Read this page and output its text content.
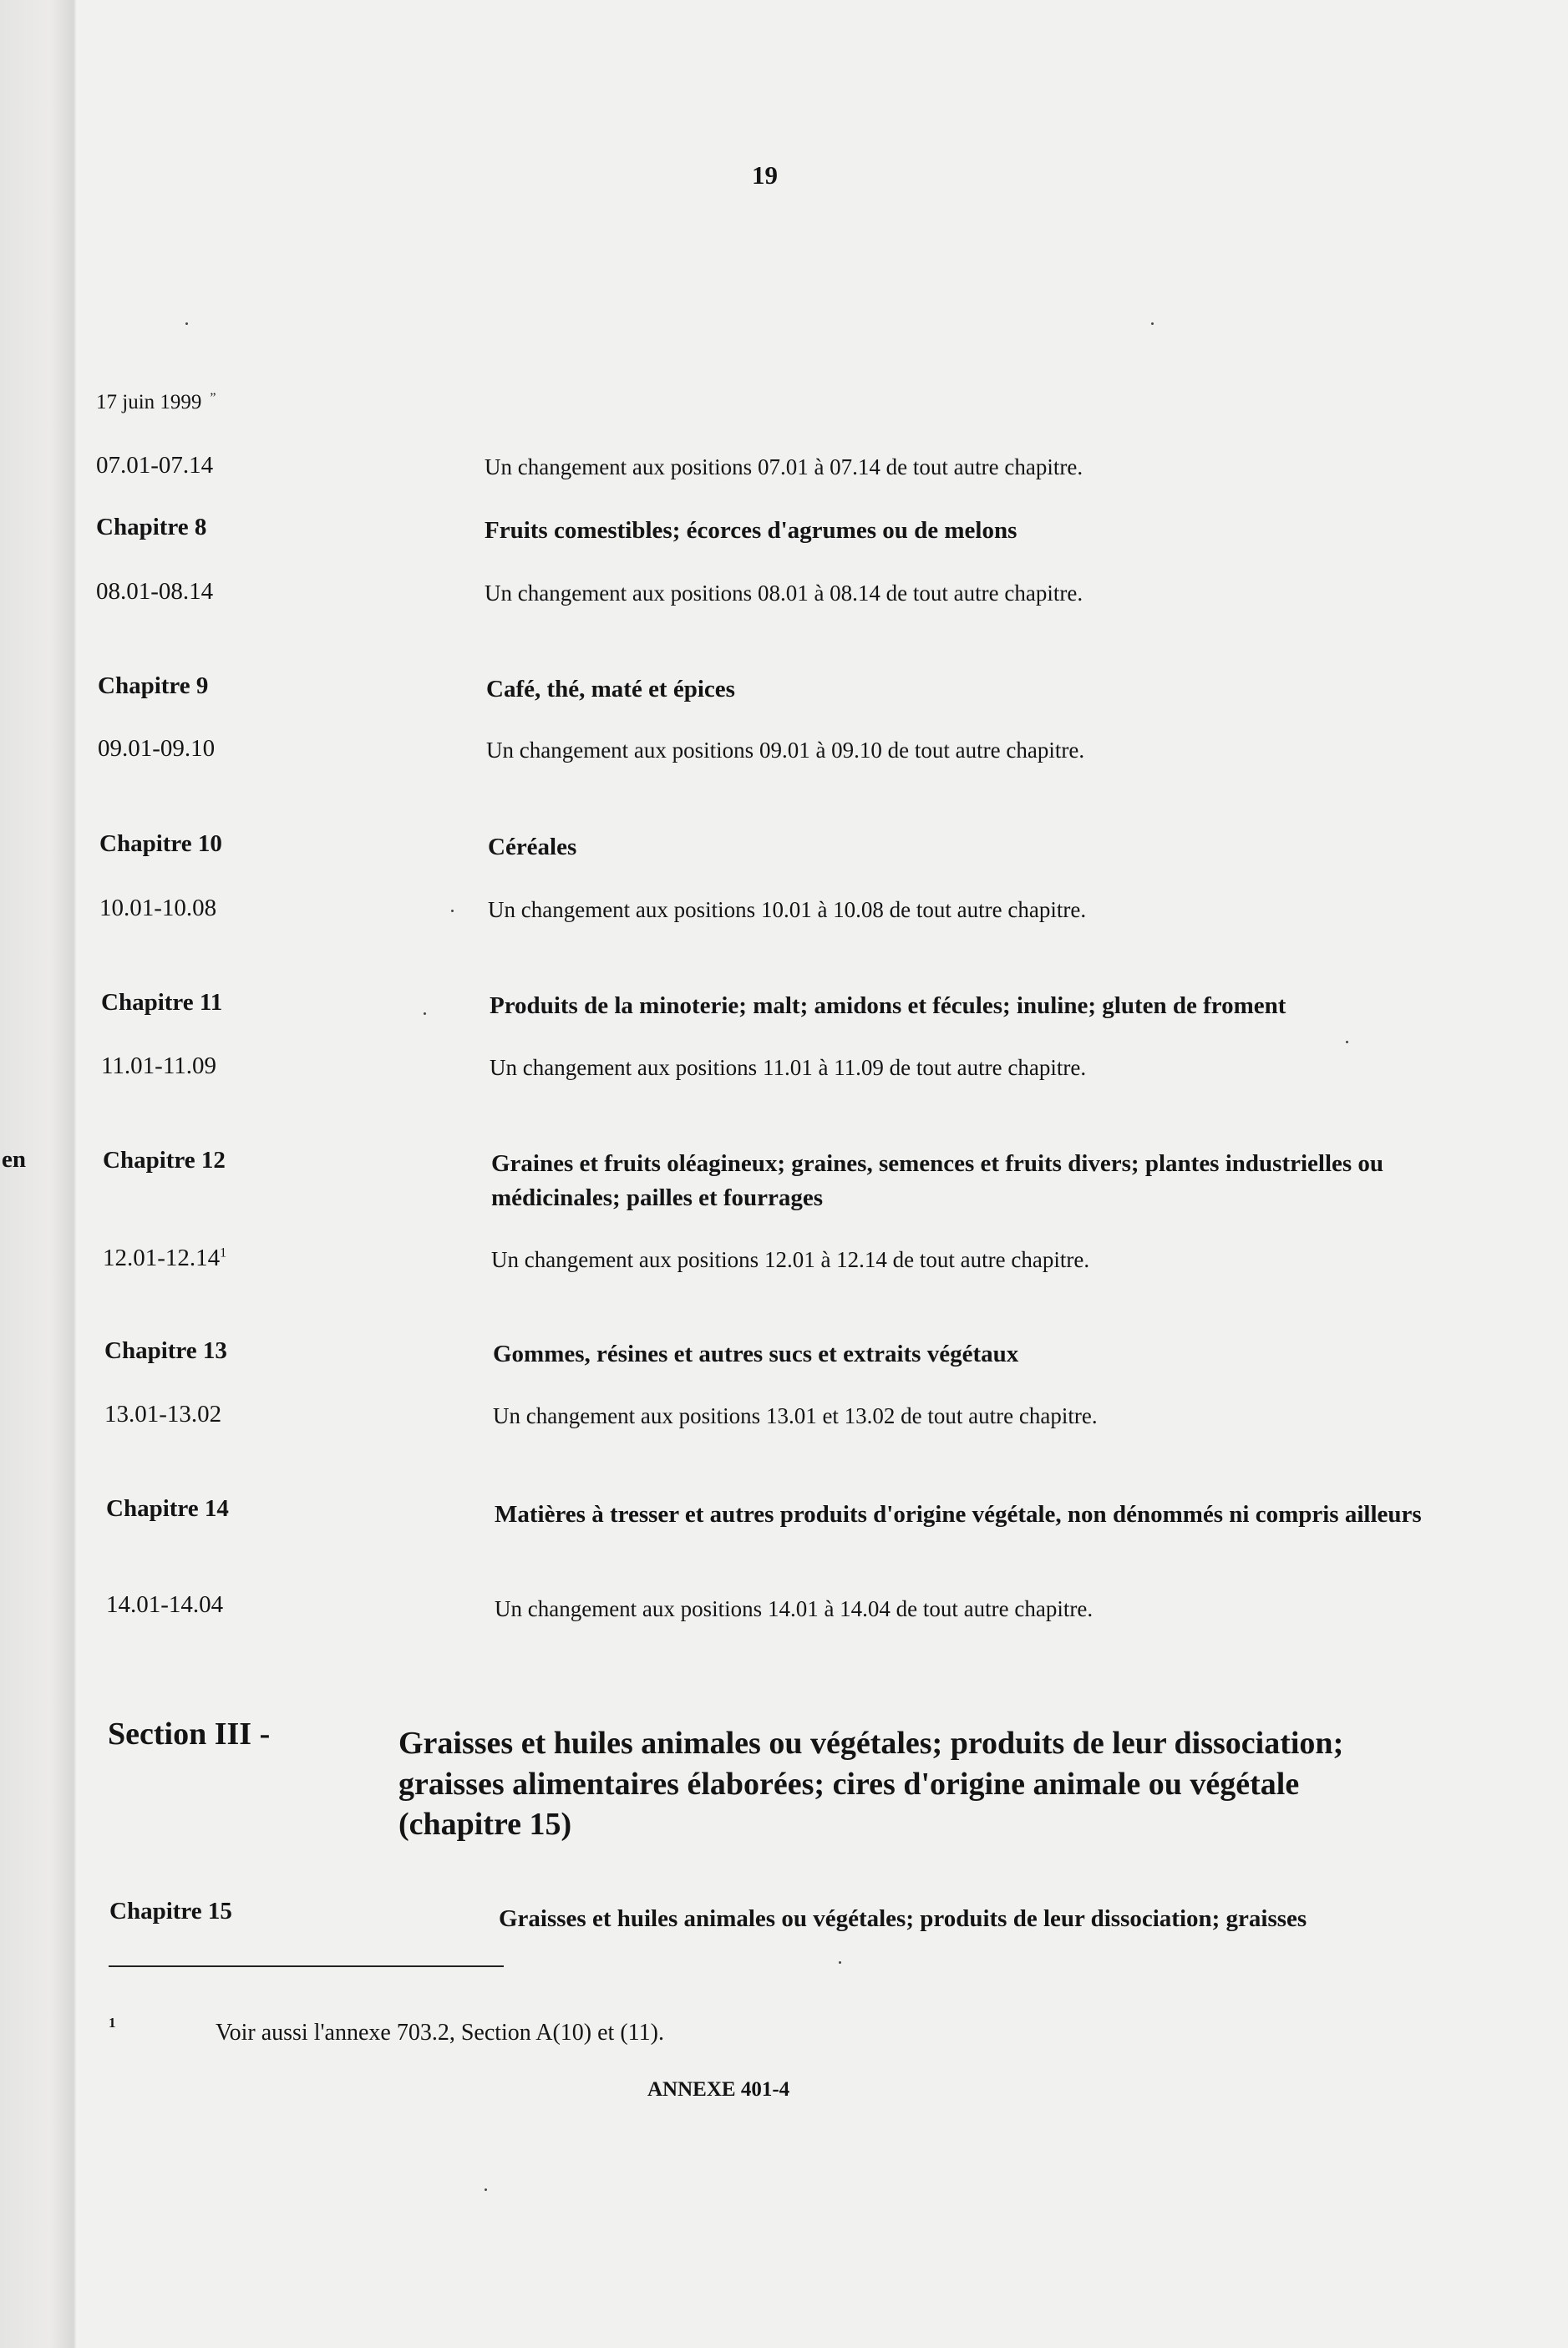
en
19
17 juin 1999 $^ˮ$
07.01-07.14	Un changement aux positions 07.01 à 07.14 de tout autre chapitre.
Chapitre 8	Fruits comestibles; écorces d'agrumes ou de melons
08.01-08.14	Un changement aux positions 08.01 à 08.14 de tout autre chapitre.
Chapitre 9	Café, thé, maté et épices
09.01-09.10	Un changement aux positions 09.01 à 09.10 de tout autre chapitre.
Chapitre 10	Céréales
10.01-10.08	Un changement aux positions 10.01 à 10.08 de tout autre chapitre.
Chapitre 11	Produits de la minoterie; malt; amidons et fécules; inuline; gluten de froment
11.01-11.09	Un changement aux positions 11.01 à 11.09 de tout autre chapitre.
Chapitre 12	Graines et fruits oléagineux; graines, semences et fruits divers; plantes industrielles ou médicinales; pailles et fourrages
12.01-12.14$^1$	Un changement aux positions 12.01 à 12.14 de tout autre chapitre.
Chapitre 13	Gommes, résines et autres sucs et extraits végétaux
13.01-13.02	Un changement aux positions 13.01 et 13.02 de tout autre chapitre.
Chapitre 14	Matières à tresser et autres produits d'origine végétale, non dénommés ni compris ailleurs
14.01-14.04	Un changement aux positions 14.01 à 14.04 de tout autre chapitre.
Section III -	Graisses et huiles animales ou végétales; produits de leur dissociation; graisses alimentaires élaborées; cires d'origine animale ou végétale (chapitre 15)
Chapitre 15	Graisses et huiles animales ou végétales; produits de leur dissociation; graisses
1	Voir aussi l'annexe 703.2, Section A(10) et (11).
ANNEXE 401-4
